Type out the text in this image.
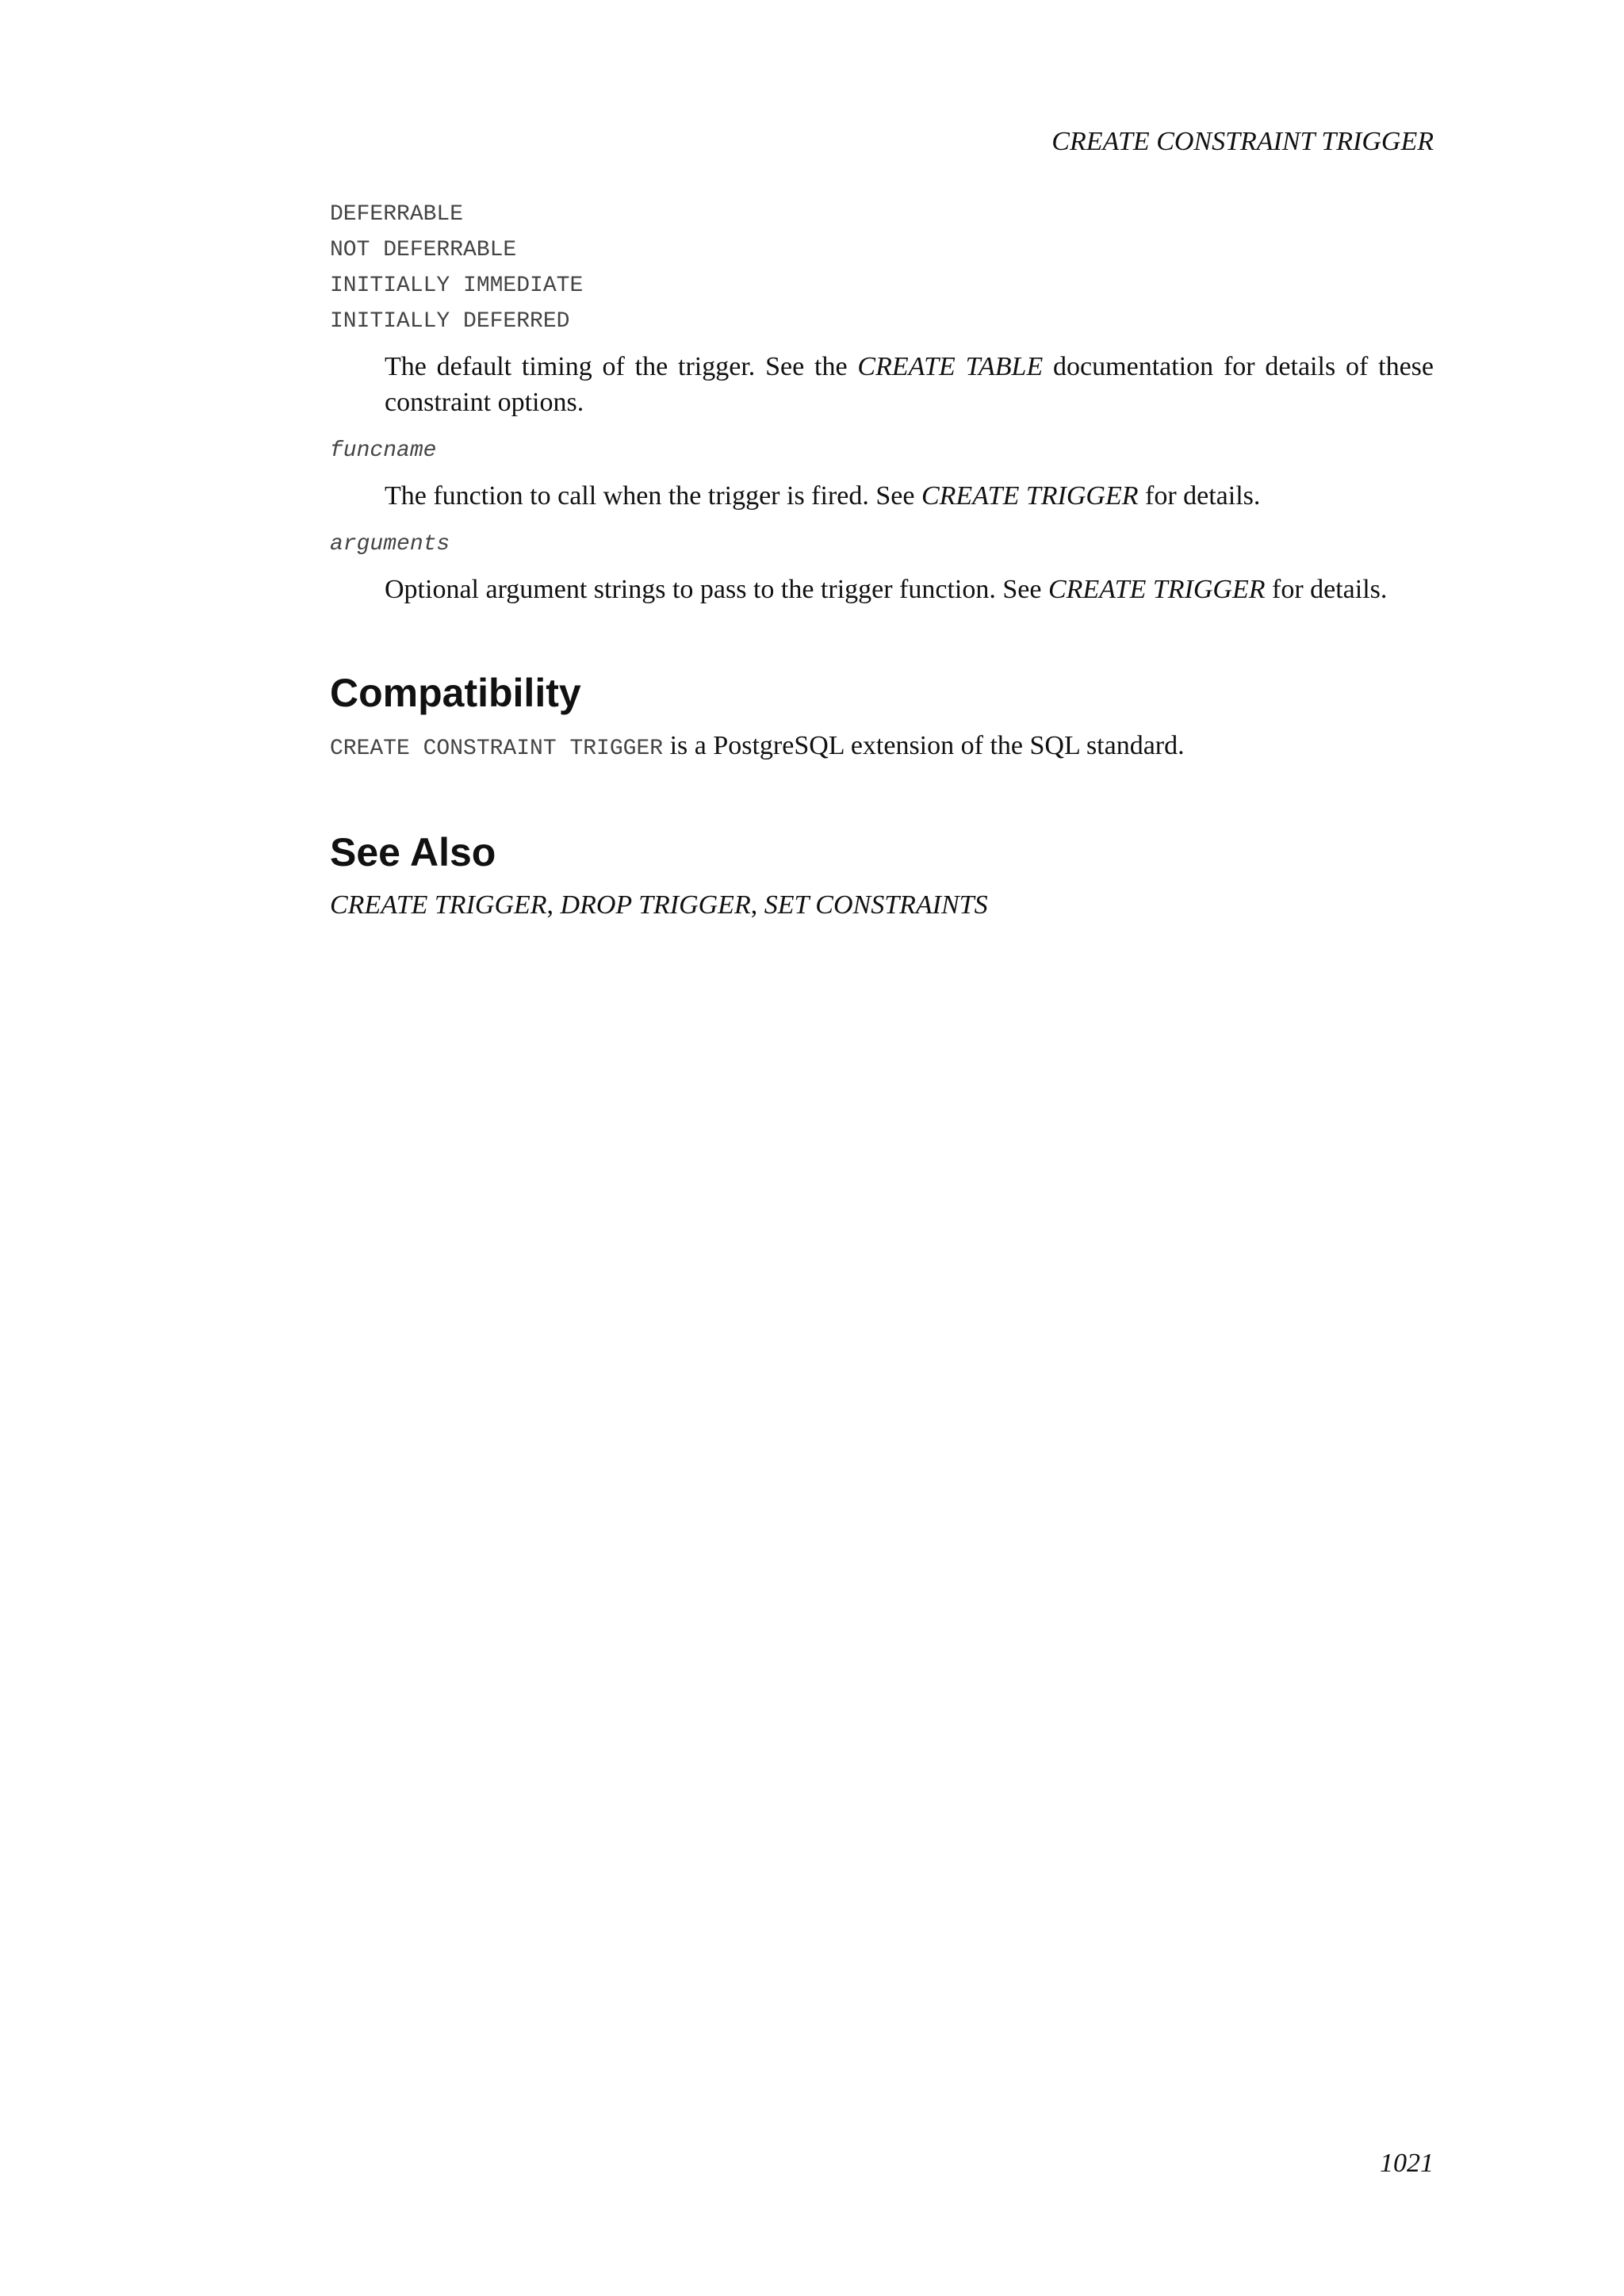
CREATE CONSTRAINT TRIGGER
DEFERRABLE
NOT DEFERRABLE
INITIALLY IMMEDIATE
INITIALLY DEFERRED
The default timing of the trigger. See the CREATE TABLE documentation for details of these constraint options.
funcname
The function to call when the trigger is fired. See CREATE TRIGGER for details.
arguments
Optional argument strings to pass to the trigger function. See CREATE TRIGGER for details.
Compatibility

CREATE CONSTRAINT TRIGGER is a PostgreSQL extension of the SQL standard.

See Also

CREATE TRIGGER, DROP TRIGGER, SET CONSTRAINTS

1021
